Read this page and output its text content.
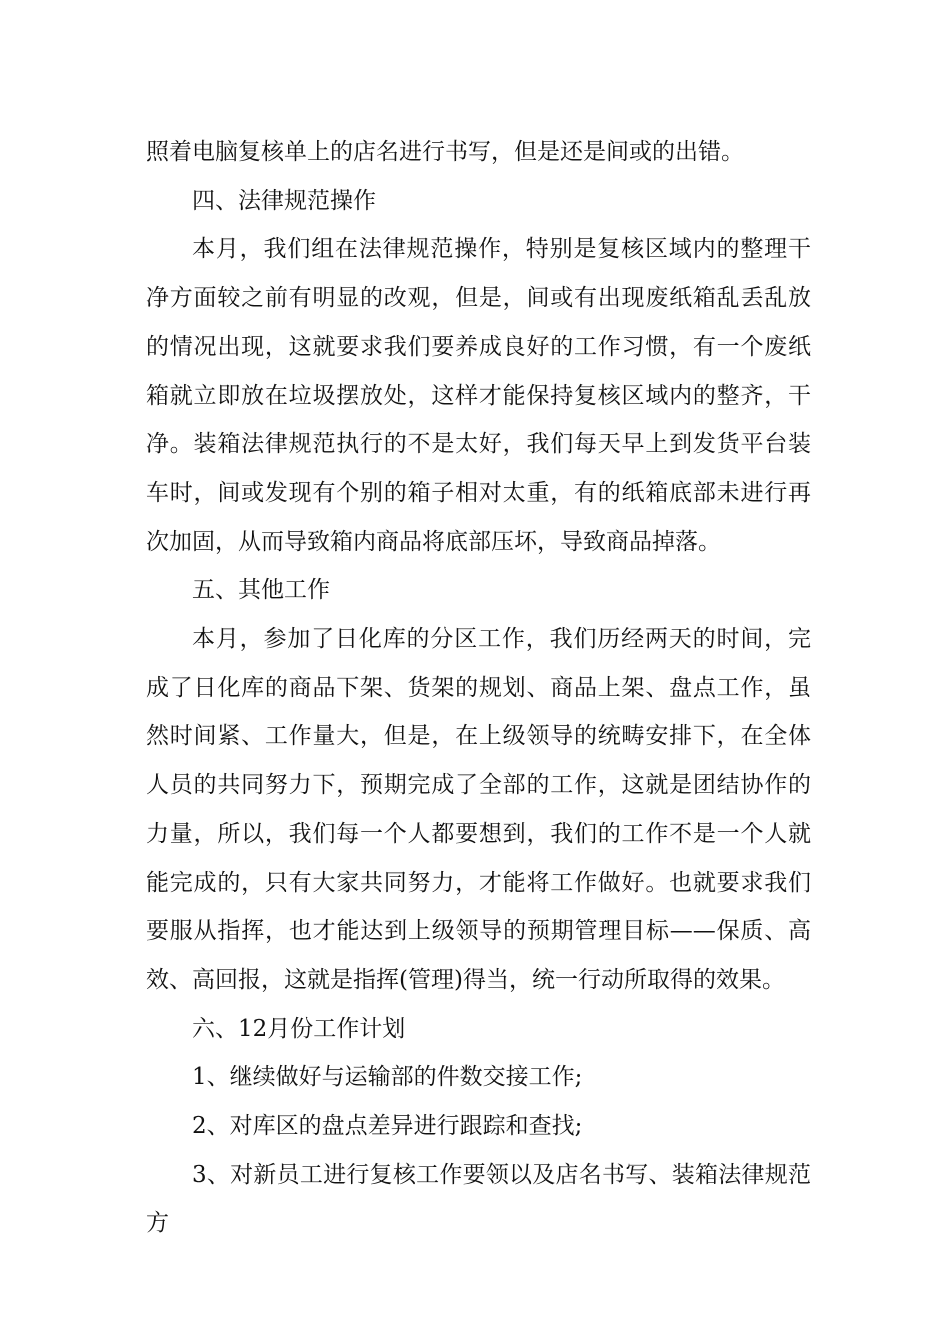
照着电脑复核单上的店名进行书写，但是还是间或的出错。

四、法律规范操作

本月，我们组在法律规范操作，特别是复核区域内的整理干净方面较之前有明显的改观，但是，间或有出现废纸箱乱丢乱放的情况出现，这就要求我们要养成良好的工作习惯，有一个废纸箱就立即放在垃圾摆放处，这样才能保持复核区域内的整齐，干净。装箱法律规范执行的不是太好，我们每天早上到发货平台装车时，间或发现有个别的箱子相对太重，有的纸箱底部未进行再次加固，从而导致箱内商品将底部压坏，导致商品掉落。

五、其他工作

本月，参加了日化库的分区工作，我们历经两天的时间，完成了日化库的商品下架、货架的规划、商品上架、盘点工作，虽然时间紧、工作量大，但是，在上级领导的统畴安排下，在全体人员的共同努力下，预期完成了全部的工作，这就是团结协作的力量，所以，我们每一个人都要想到，我们的工作不是一个人就能完成的，只有大家共同努力，才能将工作做好。也就要求我们要服从指挥，也才能达到上级领导的预期管理目标——保质、高效、高回报，这就是指挥(管理)得当，统一行动所取得的效果。

六、12月份工作计划

1、继续做好与运输部的件数交接工作;

2、对库区的盘点差异进行跟踪和查找;

3、对新员工进行复核工作要领以及店名书写、装箱法律规范方
